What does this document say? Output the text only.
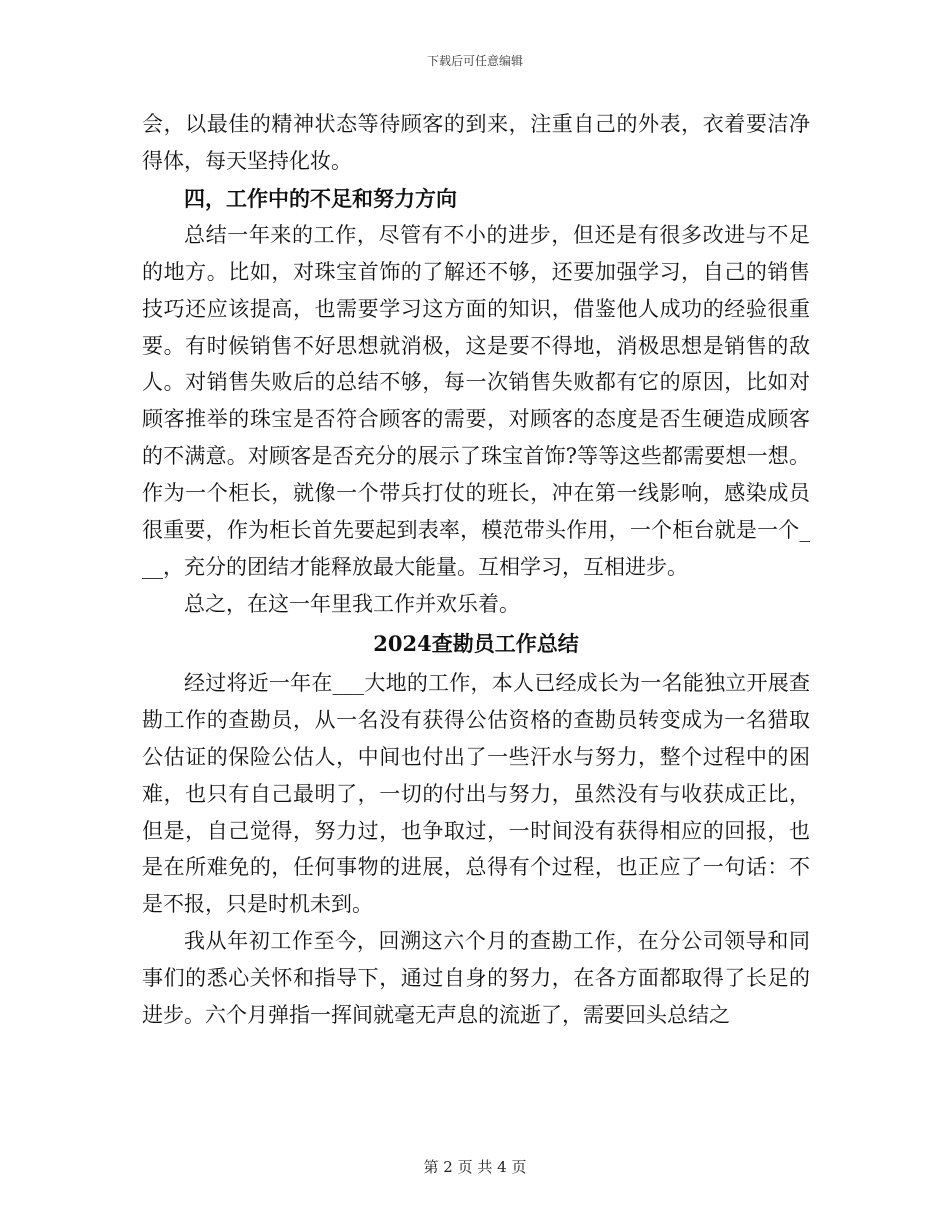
下载后可任意编辑

会，以最佳的精神状态等待顾客的到来，注重自己的外表，衣着要洁净得体，每天坚持化妆。

四，工作中的不足和努力方向

总结一年来的工作，尽管有不小的进步，但还是有很多改进与不足的地方。比如，对珠宝首饰的了解还不够，还要加强学习，自己的销售技巧还应该提高，也需要学习这方面的知识，借鉴他人成功的经验很重要。有时候销售不好思想就消极，这是要不得地，消极思想是销售的敌人。对销售失败后的总结不够，每一次销售失败都有它的原因，比如对顾客推举的珠宝是否符合顾客的需要，对顾客的态度是否生硬造成顾客的不满意。对顾客是否充分的展示了珠宝首饰?等等这些都需要想一想。作为一个柜长，就像一个带兵打仗的班长，冲在第一线影响，感染成员很重要，作为柜长首先要起到表率，模范带头作用，一个柜台就是一个___，充分的团结才能释放最大能量。互相学习，互相进步。

总之，在这一年里我工作并欢乐着。

2024查勘员工作总结

经过将近一年在___大地的工作，本人已经成长为一名能独立开展查勘工作的查勘员，从一名没有获得公估资格的查勘员转变成为一名猎取公估证的保险公估人，中间也付出了一些汗水与努力，整个过程中的困难，也只有自己最明了，一切的付出与努力，虽然没有与收获成正比，但是，自己觉得，努力过，也争取过，一时间没有获得相应的回报，也是在所难免的，任何事物的进展，总得有个过程，也正应了一句话：不是不报，只是时机未到。

我从年初工作至今，回溯这六个月的查勘工作，在分公司领导和同事们的悉心关怀和指导下，通过自身的努力，在各方面都取得了长足的进步。六个月弹指一挥间就毫无声息的流逝了，需要回头总结之

第 2 页 共 4 页
